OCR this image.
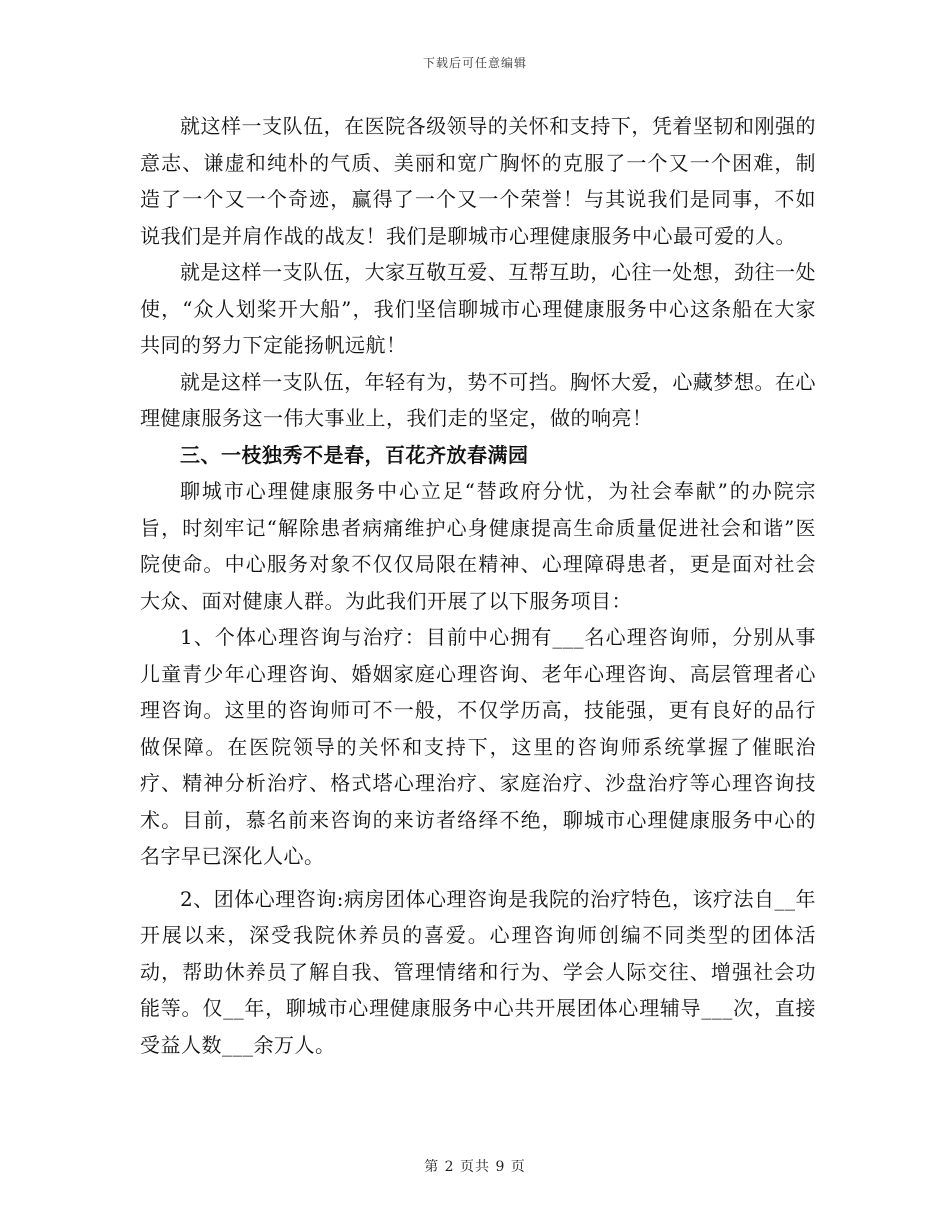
下载后可任意编辑

就这样一支队伍，在医院各级领导的关怀和支持下，凭着坚韧和刚强的意志、谦虚和纯朴的气质、美丽和宽广胸怀的克服了一个又一个困难，制造了一个又一个奇迹，赢得了一个又一个荣誉！与其说我们是同事，不如说我们是并肩作战的战友！我们是聊城市心理健康服务中心最可爱的人。

就是这样一支队伍，大家互敬互爱、互帮互助，心往一处想，劲往一处使，“众人划桨开大船”，我们坚信聊城市心理健康服务中心这条船在大家共同的努力下定能扬帆远航！

就是这样一支队伍，年轻有为，势不可挡。胸怀大爱，心藏梦想。在心理健康服务这一伟大事业上，我们走的坚定，做的响亮！

三、一枝独秀不是春，百花齐放春满园

聊城市心理健康服务中心立足“替政府分忧，为社会奉献”的办院宗旨，时刻牢记“解除患者病痛维护心身健康提高生命质量促进社会和谐”医院使命。中心服务对象不仅仅局限在精神、心理障碍患者，更是面对社会大众、面对健康人群。为此我们开展了以下服务项目：

1、个体心理咨询与治疗：目前中心拥有___名心理咨询师，分别从事儿童青少年心理咨询、婚姻家庭心理咨询、老年心理咨询、高层管理者心理咨询。这里的咨询师可不一般，不仅学历高，技能强，更有良好的品行做保障。在医院领导的关怀和支持下，这里的咨询师系统掌握了催眠治疗、精神分析治疗、格式塔心理治疗、家庭治疗、沙盘治疗等心理咨询技术。目前，慕名前来咨询的来访者络绎不绝，聊城市心理健康服务中心的名字早已深化人心。

2、团体心理咨询:病房团体心理咨询是我院的治疗特色，该疗法自__年开展以来，深受我院休养员的喜爱。心理咨询师创编不同类型的团体活动，帮助休养员了解自我、管理情绪和行为、学会人际交往、增强社会功能等。仅__年，聊城市心理健康服务中心共开展团体心理辅导___次，直接受益人数___余万人。

第 2 页共 9 页
